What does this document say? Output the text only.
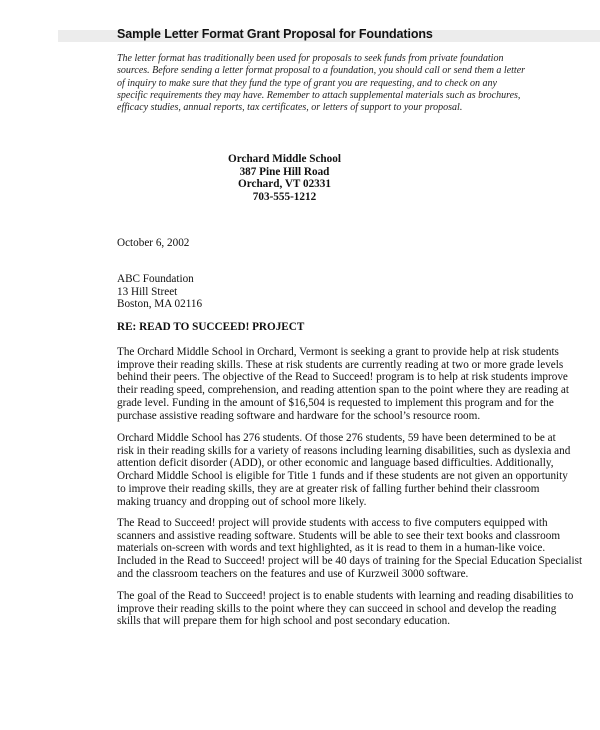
Sample Letter Format Grant Proposal for Foundations
The letter format has traditionally been used for proposals to seek funds from private foundation
sources. Before sending a letter format proposal to a foundation, you should call or send them a letter
of inquiry to make sure that they fund the type of grant you are requesting, and to check on any
specific requirements they may have. Remember to attach supplemental materials such as brochures,
efficacy studies, annual reports, tax certificates, or letters of support to your proposal.
Orchard Middle School
387 Pine Hill Road
Orchard, VT 02331
703-555-1212
October 6, 2002
ABC Foundation
13 Hill Street
Boston, MA 02116
RE: READ TO SUCCEED! PROJECT
The Orchard Middle School in Orchard, Vermont is seeking a grant to provide help at risk students
improve their reading skills. These at risk students are currently reading at two or more grade levels
behind their peers. The objective of the Read to Succeed! program is to help at risk students improve
their reading speed, comprehension, and reading attention span to the point where they are reading at
grade level. Funding in the amount of $16,504 is requested to implement this program and for the
purchase assistive reading software and hardware for the school’s resource room.
Orchard Middle School has 276 students. Of those 276 students, 59 have been determined to be at
risk in their reading skills for a variety of reasons including learning disabilities, such as dyslexia and
attention deficit disorder (ADD), or other economic and language based difficulties. Additionally,
Orchard Middle School is eligible for Title 1 funds and if these students are not given an opportunity
to improve their reading skills, they are at greater risk of falling further behind their classroom
making truancy and dropping out of school more likely.
The Read to Succeed! project will provide students with access to five computers equipped with
scanners and assistive reading software. Students will be able to see their text books and classroom
materials on-screen with words and text highlighted, as it is read to them in a human-like voice.
Included in the Read to Succeed! project will be 40 days of training for the Special Education Specialist
and the classroom teachers on the features and use of Kurzweil 3000 software.
The goal of the Read to Succeed! project is to enable students with learning and reading disabilities to
improve their reading skills to the point where they can succeed in school and develop the reading
skills that will prepare them for high school and post secondary education.
